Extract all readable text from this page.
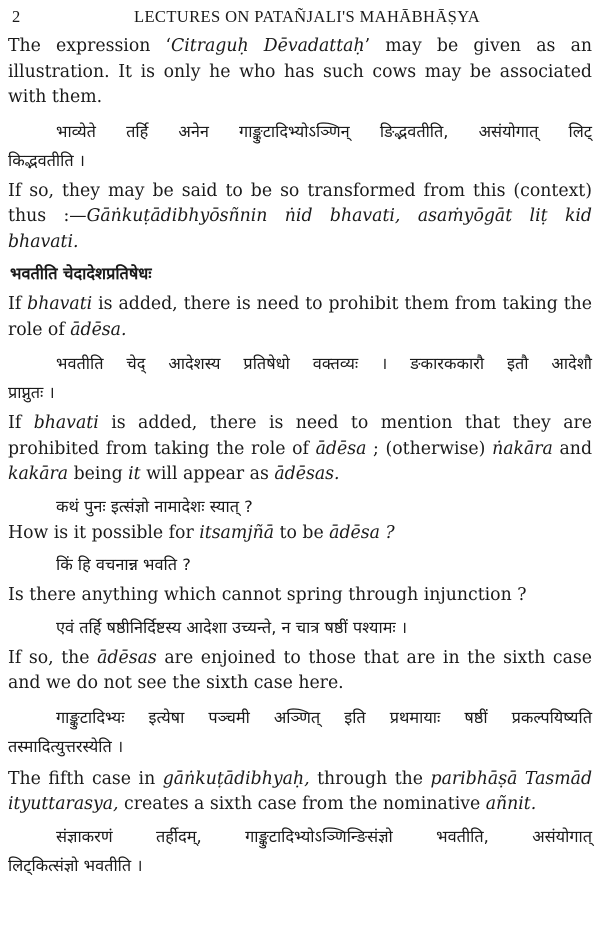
2	LECTURES ON PATAÑJALI'S MAHĀBHĀṢYA

The expression ‘Citraguḥ Dēvadattaḥ’ may be given as an illustration. It is only he who has such cows may be associated with them.

भाव्येते तर्हि अनेन गाङ्कुटादिभ्योऽञ्णिन् ङिद्भवतीति, असंयोगात् लिट्
किद्भवतीति ।

If so, they may be said to be so transformed from this (context) thus :—Gāṅkuṭādibhyōsñnin ṅid bhavati, asaṁyōgāt liṭ kid bhavati.

भवतीति चेदादेशप्रतिषेधः

If bhavati is added, there is need to prohibit them from taking the role of ādēsa.

भवतीति चेद् आदेशस्य प्रतिषेधो वक्तव्यः । ङकारककारौ इतौ आदेशौ
प्राप्नुतः ।

If bhavati is added, there is need to mention that they are prohibited from taking the role of ādēsa ; (otherwise) ṅakāra and kakāra being it will appear as ādēsas.

कथं पुनः इत्संज्ञो नामादेशः स्यात् ?

How is it possible for itsamjñā to be ādēsa ?

किं हि वचनान्न भवति ?

Is there anything which cannot spring through injunction ?

एवं तर्हि षष्ठीनिर्दिष्टस्य आदेशा उच्यन्ते, न चात्र षष्ठीं पश्यामः ।

If so, the ādēsas are enjoined to those that are in the sixth case and we do not see the sixth case here.

गाङ्कुटादिभ्यः इत्येषा पञ्चमी अञ्णित् इति प्रथमायाः षष्ठीं प्रकल्पयिष्यति
तस्मादित्युत्तरस्येति ।

The fifth case in gāṅkuṭādibhyaḥ, through the paribhāṣā Tasmād ityuttarasya, creates a sixth case from the nominative añnit.

संज्ञाकरणं तर्हीदम्, गाङ्कुटादिभ्योऽञ्णिन्ङिसंज्ञो भवतीति, असंयोगात्
लिट्कित्संज्ञो भवतीति ।
